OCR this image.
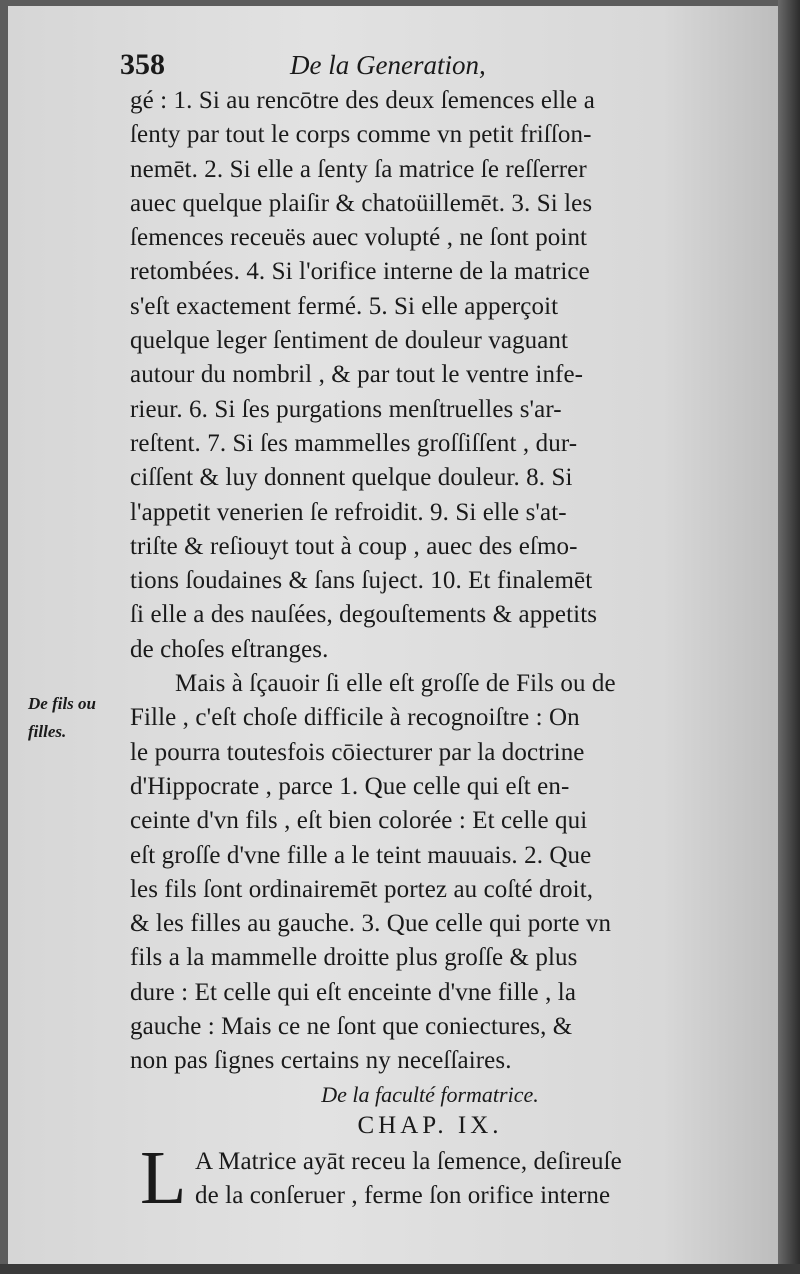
358	De la Generation,
gé : 1. Si au rencōtre des deux ſemences elle a
ſenty par tout le corps comme vn petit friſſon-
nemēt. 2. Si elle a ſenty ſa matrice ſe reſſerrer
auec quelque plaiſir & chatoüillemēt. 3. Si les
ſemences receuës auec volupté , ne ſont point
retombées. 4. Si l'orifice interne de la matrice
s'eſt exactement fermé. 5. Si elle apperçoit
quelque leger ſentiment de douleur vaguant
autour du nombril , & par tout le ventre infe-
rieur. 6. Si ſes purgations menſtruelles s'ar-
reſtent. 7. Si ſes mammelles groſſiſſent , dur-
ciſſent & luy donnent quelque douleur. 8. Si
l'appetit venerien ſe refroidit. 9. Si elle s'at-
triſte & reſiouyt tout à coup , auec des eſmo-
tions ſoudaines & ſans ſuject. 10. Et finalemēt
ſi elle a des nauſées, degouſtements & appetits
de choſes eſtranges.
Mais à ſçauoir ſi elle eſt groſſe de Fils ou de
Fille , c'eſt choſe difficile à recognoiſtre : On
le pourra toutesfois cōiecturer par la doctrine
d'Hippocrate , parce 1. Que celle qui eſt en-
ceinte d'vn fils , eſt bien colorée : Et celle qui
eſt groſſe d'vne fille a le teint mauuais. 2. Que
les fils ſont ordinairemēt portez au coſté droit,
& les filles au gauche. 3. Que celle qui porte vn
fils a la mammelle droitte plus groſſe & plus
dure : Et celle qui eſt enceinte d'vne fille , la
gauche : Mais ce ne ſont que coniectures, &
non pas ſignes certains ny neceſſaires.
De fils ou
filles.
De la faculté formatrice.
CHAP. IX.
L A Matrice ayāt receu la ſemence, deſireuſe
de la conſeruer , ferme ſon orifice interne
